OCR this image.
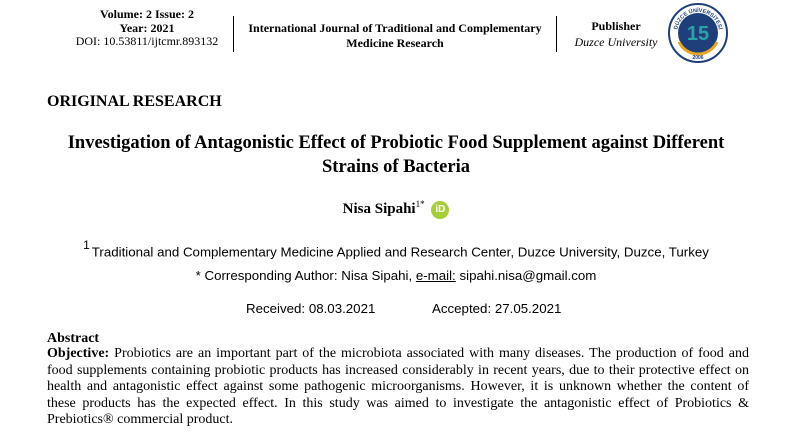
Volume: 2 Issue: 2
Year: 2021
DOI: 10.53811/ijtcmr.893132
International Journal of Traditional and Complementary
Medicine Research
Publisher
Duzce University
DÜZCE ÜNİVERSİTESİ
15
2006
ORIGINAL RESEARCH
Investigation of Antagonistic Effect of Probiotic Food Supplement against Different
Strains of Bacteria
Nisa Sipahi$^{1*}$ iD
$^1$ Traditional and Complementary Medicine Applied and Research Center, Duzce University, Duzce, Turkey
* Corresponding Author: Nisa Sipahi, e-mail: sipahi.nisa@gmail.com
Received: 08.03.2021	Accepted: 27.05.2021
Abstract
Objective: Probiotics are an important part of the microbiota associated with many diseases. The production of food and
food supplements containing probiotic products has increased considerably in recent years, due to their protective effect on
health and antagonistic effect against some pathogenic microorganisms. However, it is unknown whether the content of
these products has the expected effect. In this study was aimed to investigate the antagonistic effect of Probiotics &
Prebiotics® commercial product.
